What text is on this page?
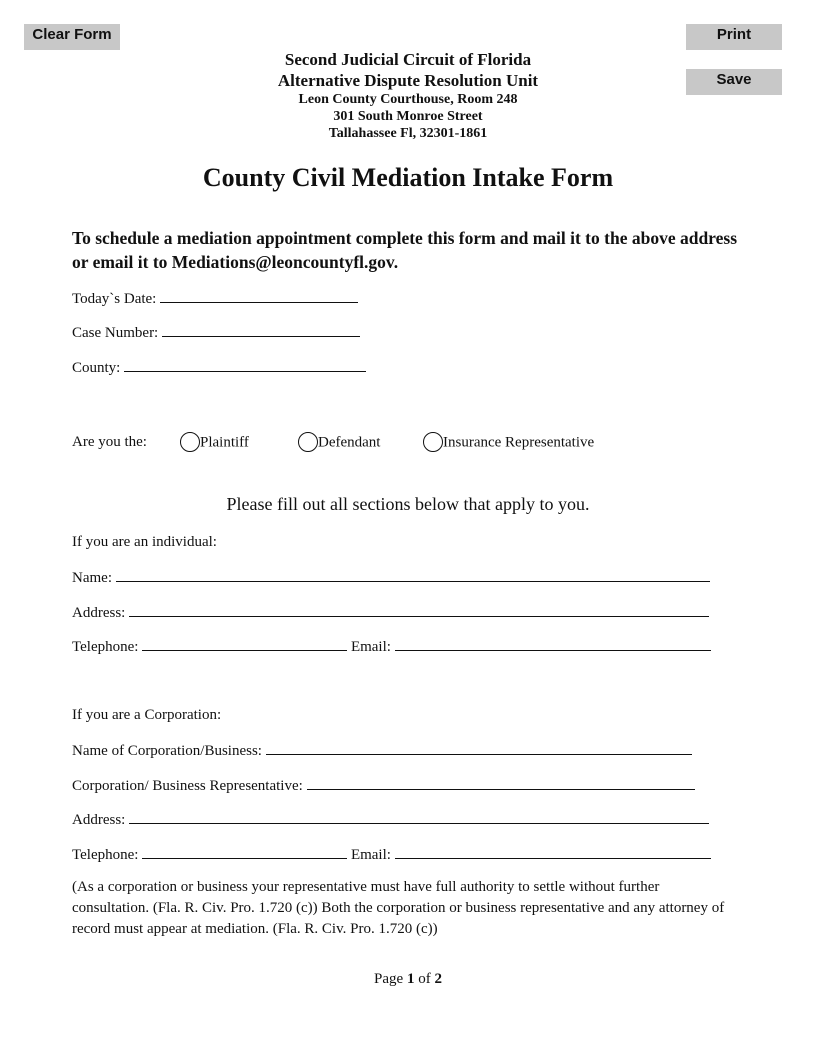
Clear Form	Print
Save
Second Judicial Circuit of Florida
Alternative Dispute Resolution Unit
Leon County Courthouse, Room 248
301 South Monroe Street
Tallahassee Fl, 32301-1861
County Civil Mediation Intake Form
To schedule a mediation appointment complete this form and mail it to the above address or email it to Mediations@leoncountyfl.gov.
Today`s Date:
Case Number:
County:
Are you the:	Plaintiff	Defendant	Insurance Representative
Please fill out all sections below that apply to you.
If you are an individual:
Name:
Address:
Telephone:	Email:
If you are a Corporation:
Name of Corporation/Business:
Corporation/ Business Representative:
Address:
Telephone:	Email:
(As a corporation or business your representative must have full authority to settle without further consultation. (Fla. R. Civ. Pro. 1.720 (c)) Both the corporation or business representative and any attorney of record must appear at mediation. (Fla. R. Civ. Pro. 1.720 (c))
Page 1 of 2
